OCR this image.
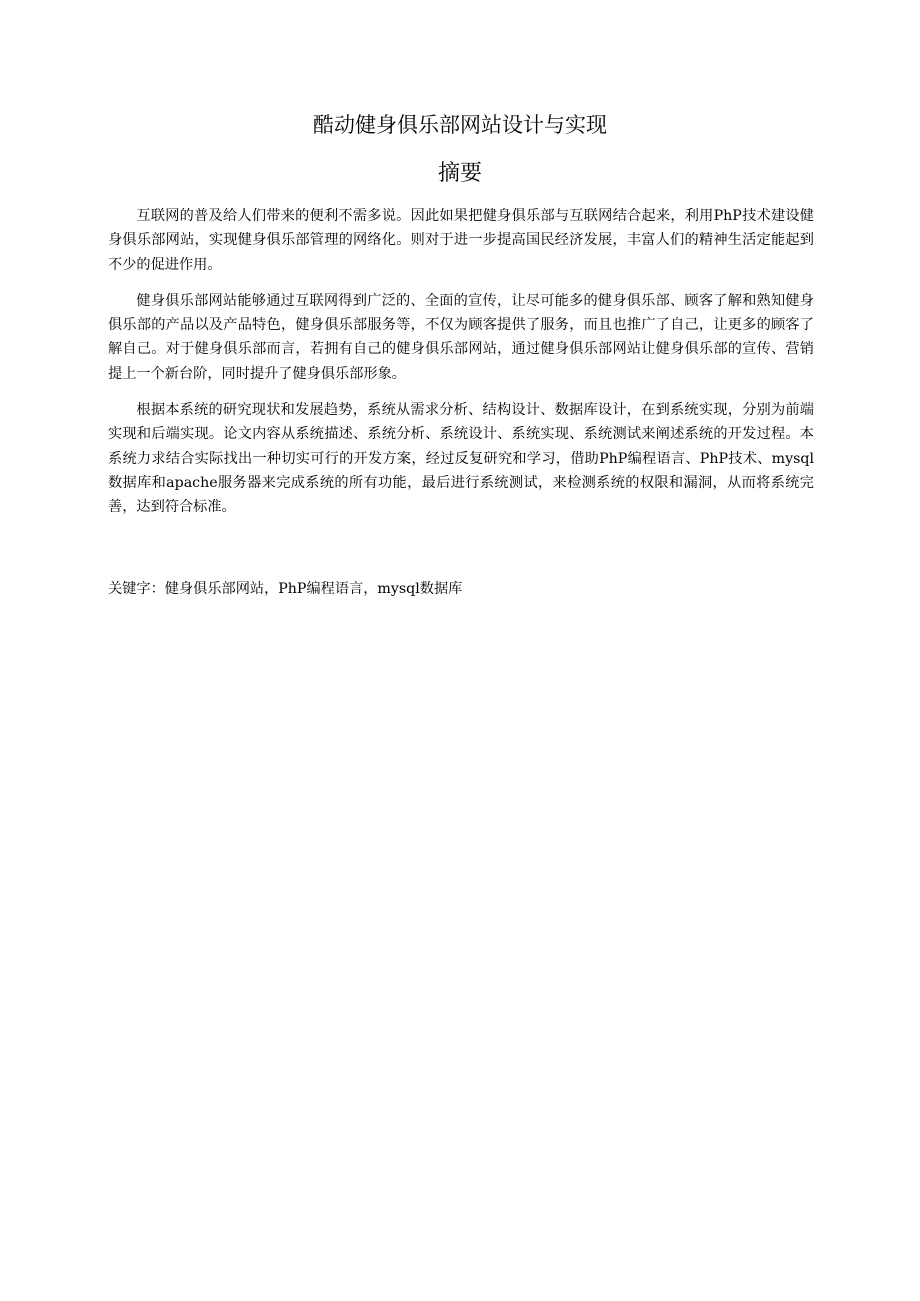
酷动健身俱乐部网站设计与实现
摘要

互联网的普及给人们带来的便利不需多说。因此如果把健身俱乐部与互联网结合起来，利用PhP技术建设健身俱乐部网站，实现健身俱乐部管理的网络化。则对于进一步提高国民经济发展，丰富人们的精神生活定能起到不少的促进作用。

健身俱乐部网站能够通过互联网得到广泛的、全面的宣传，让尽可能多的健身俱乐部、顾客了解和熟知健身俱乐部的产品以及产品特色，健身俱乐部服务等，不仅为顾客提供了服务，而且也推广了自己，让更多的顾客了解自己。对于健身俱乐部而言，若拥有自己的健身俱乐部网站，通过健身俱乐部网站让健身俱乐部的宣传、营销提上一个新台阶，同时提升了健身俱乐部形象。

根据本系统的研究现状和发展趋势，系统从需求分析、结构设计、数据库设计，在到系统实现，分别为前端实现和后端实现。论文内容从系统描述、系统分析、系统设计、系统实现、系统测试来阐述系统的开发过程。本系统力求结合实际找出一种切实可行的开发方案，经过反复研究和学习，借助PhP编程语言、PhP技术、mysql数据库和apache服务器来完成系统的所有功能，最后进行系统测试，来检测系统的权限和漏洞，从而将系统完善，达到符合标准。

关键字：健身俱乐部网站，PhP编程语言，mysql数据库
